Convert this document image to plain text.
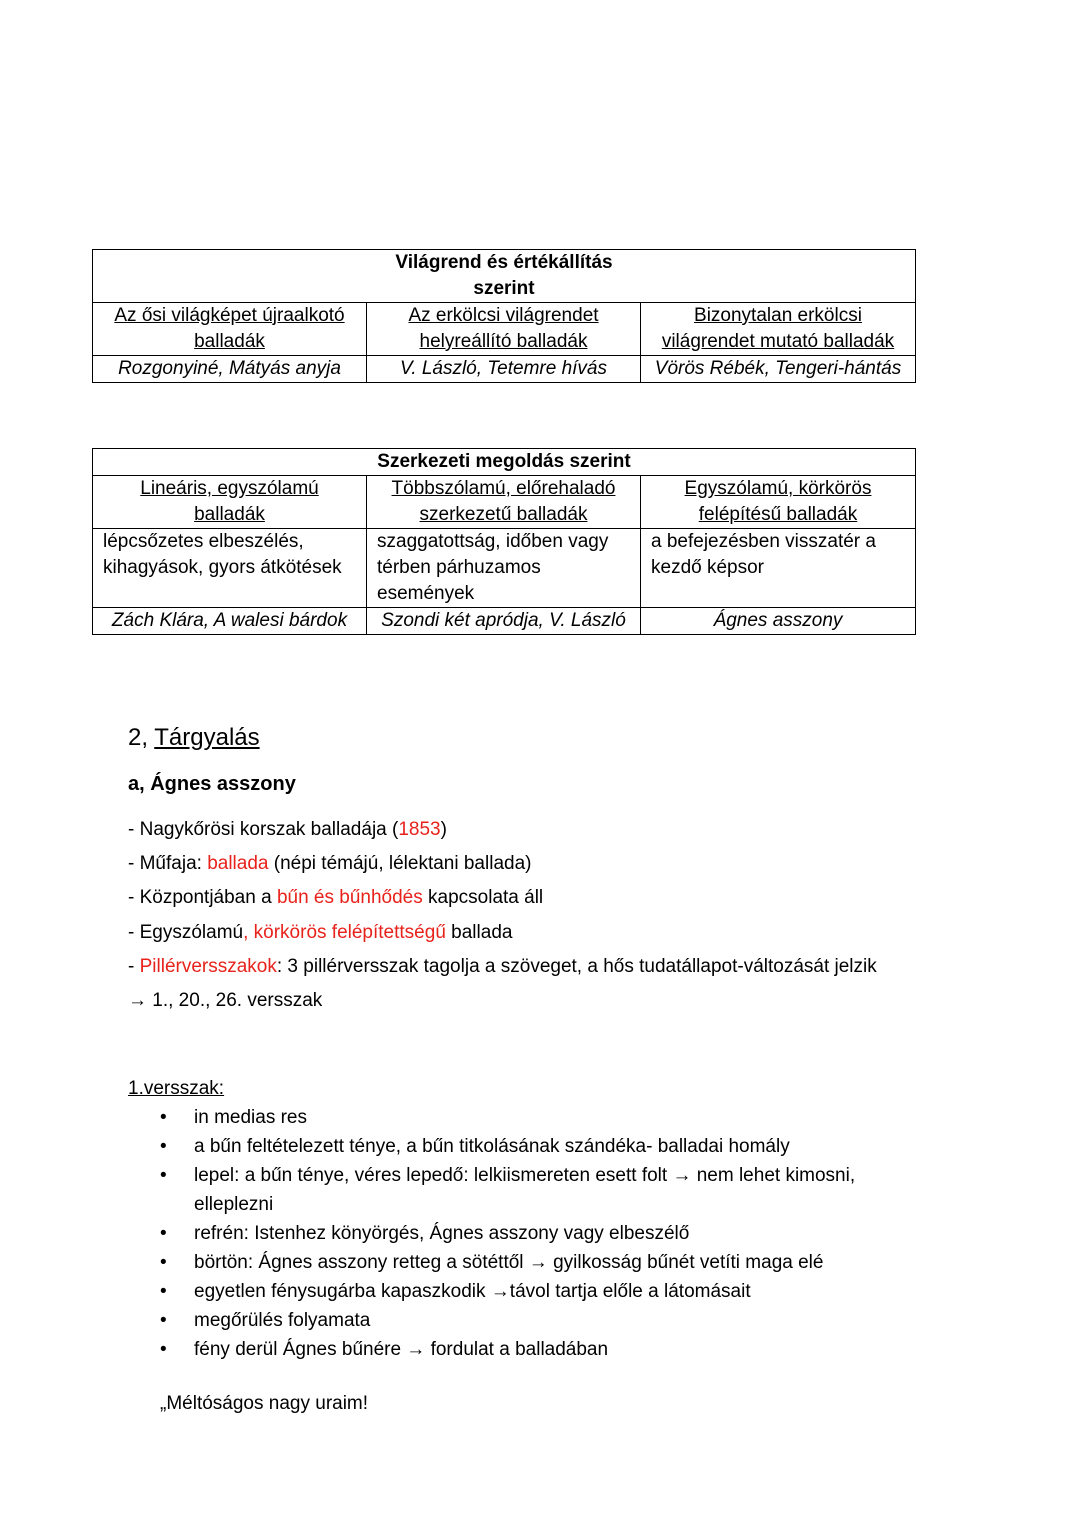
Világrend és értékállítás szerint		

Az ősi világképet újraalkotó balladák	Az erkölcsi világrendet helyreállító balladák	Bizonytalan erkölcsi világrendet mutató balladák

Rozgonyiné, Mátyás anyja	V. László, Tetemre hívás	Vörös Rébék, Tengeri-hántás
Szerkezeti megoldás szerint		

Lineáris, egyszólamú balladák	Többszólamú, előrehaladó szerkezetű balladák	Egyszólamú, körkörös felépítésű balladák

lépcsőzetes elbeszélés, kihagyások, gyors átkötések	szaggatottság, időben vagy térben párhuzamos események	a befejezésben visszatér a kezdő képsor

Zách Klára, A walesi bárdok	Szondi két apródja, V. László	Ágnes asszony
2, Tárgyalás
a, Ágnes asszony
- Nagykőrösi korszak balladája (1853)
- Műfaja: ballada (népi témájú, lélektani ballada)
- Központjában a bűn és bűnhődés kapcsolata áll
- Egyszólamú, körkörös felépítettségű ballada
- Pillérversszakok: 3 pillérversszak tagolja a szöveget, a hős tudatállapot-változását jelzik
→ 1., 20., 26. versszak
1.versszak:
• in medias res
• a bűn feltételezett ténye, a bűn titkolásának szándéka- balladai homály
• lepel: a bűn ténye, véres lepedő: lelkiismereten esett folt → nem lehet kimosni, elleplezni
• refrén: Istenhez könyörgés, Ágnes asszony vagy elbeszélő
• börtön: Ágnes asszony retteg a sötéttől → gyilkosság bűnét vetíti maga elé
• egyetlen fénysugárba kapaszkodik →távol tartja előle a látomásait
• megőrülés folyamata
• fény derül Ágnes bűnére → fordulat a balladában
„Méltóságos nagy uraim!
